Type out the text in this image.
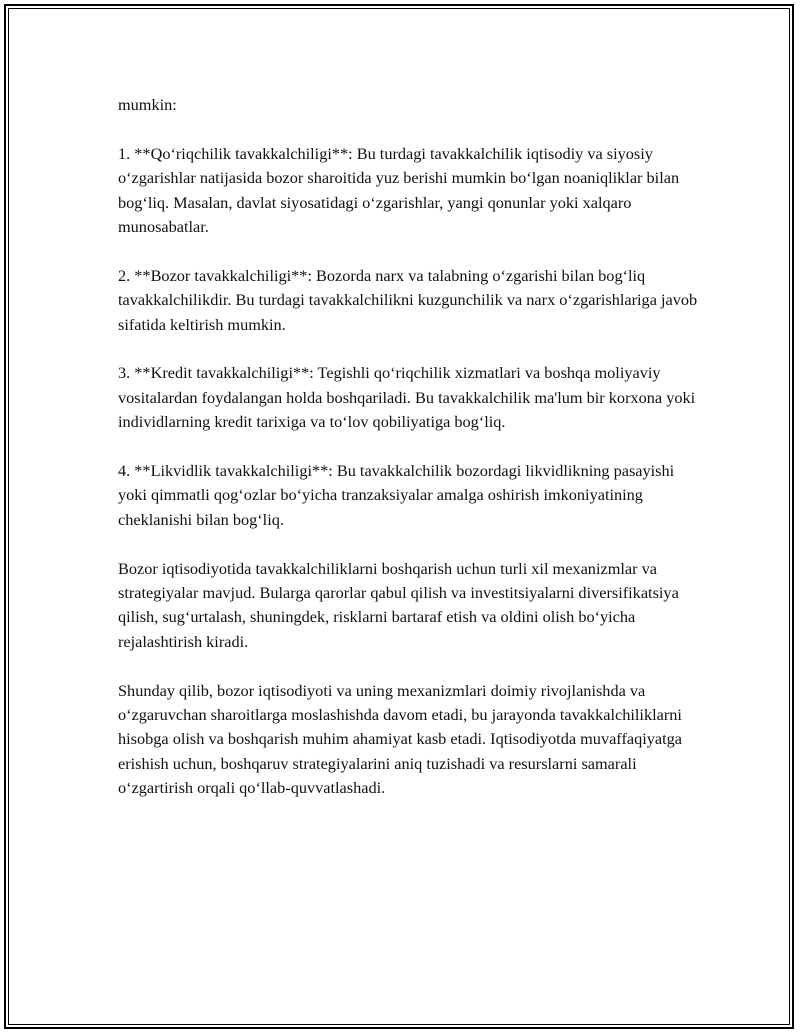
mumkin:

1. **Qo‘riqchilik tavakkalchiligi**: Bu turdagi tavakkalchilik iqtisodiy va siyosiy o‘zgarishlar natijasida bozor sharoitida yuz berishi mumkin bo‘lgan noaniqliklar bilan bog‘liq. Masalan, davlat siyosatidagi o‘zgarishlar, yangi qonunlar yoki xalqaro munosabatlar.

2. **Bozor tavakkalchiligi**: Bozorda narx va talabning o‘zgarishi bilan bog‘liq tavakkalchilikdir. Bu turdagi tavakkalchilikni kuzgunchilik va narx o‘zgarishlariga javob sifatida keltirish mumkin.

3. **Kredit tavakkalchiligi**: Tegishli qo‘riqchilik xizmatlari va boshqa moliyaviy vositalardan foydalangan holda boshqariladi. Bu tavakkalchilik ma'lum bir korxona yoki individlarning kredit tarixiga va to‘lov qobiliyatiga bog‘liq.

4. **Likvidlik tavakkalchiligi**: Bu tavakkalchilik bozordagi likvidlikning pasayishi yoki qimmatli qog‘ozlar bo‘yicha tranzaksiyalar amalga oshirish imkoniyatining cheklanishi bilan bog‘liq.

Bozor iqtisodiyotida tavakkalchiliklarni boshqarish uchun turli xil mexanizmlar va strategiyalar mavjud. Bularga qarorlar qabul qilish va investitsiyalarni diversifikatsiya qilish, sug‘urtalash, shuningdek, risklarni bartaraf etish va oldini olish bo‘yicha rejalashtirish kiradi.

Shunday qilib, bozor iqtisodiyoti va uning mexanizmlari doimiy rivojlanishda va o‘zgaruvchan sharoitlarga moslashishda davom etadi, bu jarayonda tavakkalchiliklarni hisobga olish va boshqarish muhim ahamiyat kasb etadi. Iqtisodiyotda muvaffaqiyatga erishish uchun, boshqaruv strategiyalarini aniq tuzishadi va resurslarni samarali o‘zgartirish orqali qo‘llab-quvvatlashadi.
